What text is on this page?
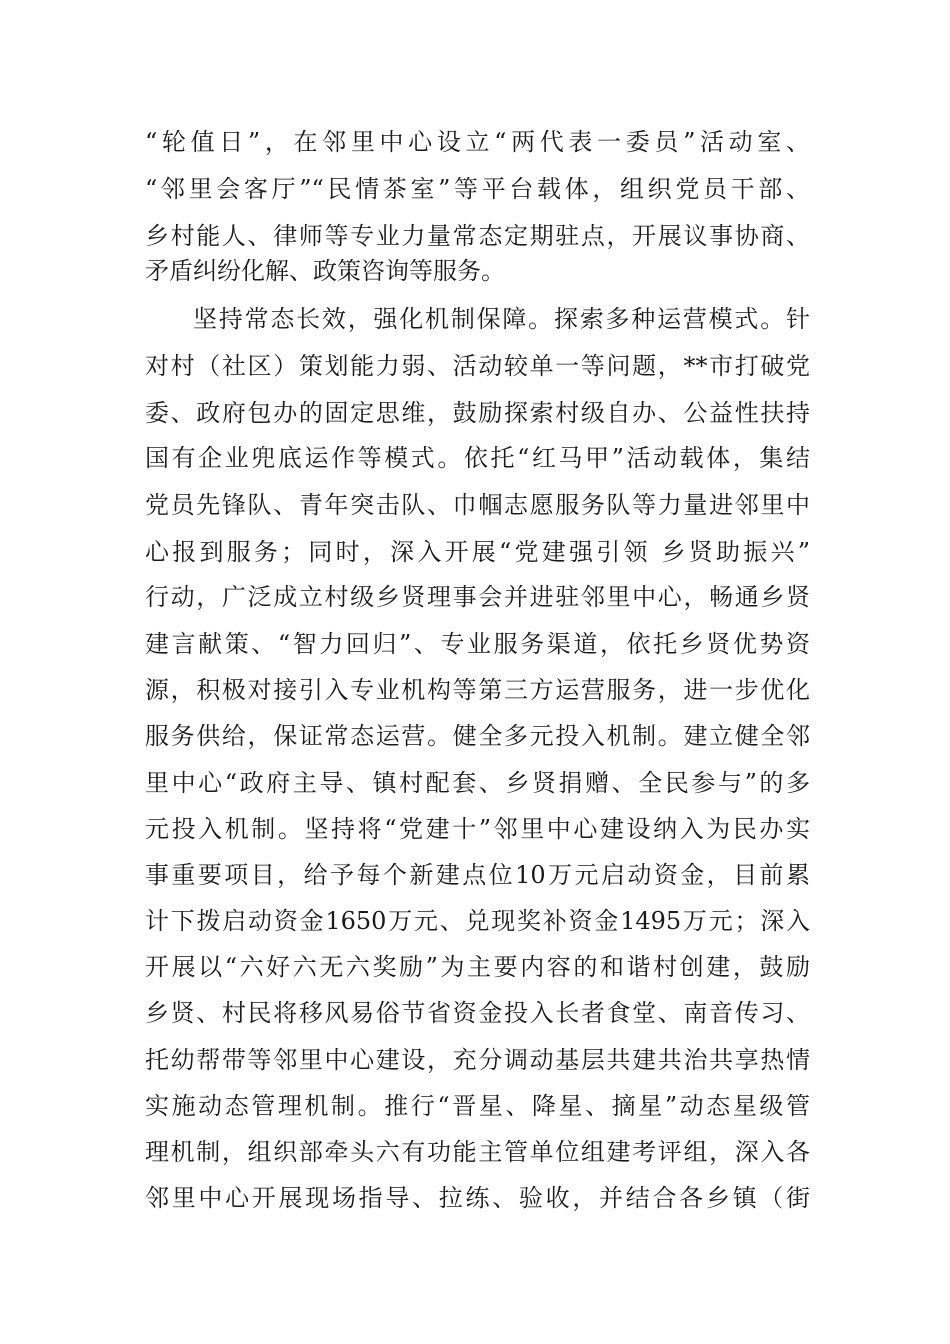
“轮值日”，在邻里中心设立“两代表一委员”活动室、
“邻里会客厅”“民情茶室”等平台载体，组织党员干部、
乡村能人、律师等专业力量常态定期驻点，开展议事协商、
矛盾纠纷化解、政策咨询等服务。
坚持常态长效，强化机制保障。探索多种运营模式。针
对村（社区）策划能力弱、活动较单一等问题，**市打破党
委、政府包办的固定思维，鼓励探索村级自办、公益性扶持
国有企业兜底运作等模式。依托“红马甲”活动载体，集结
党员先锋队、青年突击队、巾帼志愿服务队等力量进邻里中
心报到服务；同时，深入开展“党建强引领 乡贤助振兴”
行动，广泛成立村级乡贤理事会并进驻邻里中心，畅通乡贤
建言献策、“智力回归”、专业服务渠道，依托乡贤优势资
源，积极对接引入专业机构等第三方运营服务，进一步优化
服务供给，保证常态运营。健全多元投入机制。建立健全邻
里中心“政府主导、镇村配套、乡贤捐赠、全民参与”的多
元投入机制。坚持将“党建十”邻里中心建设纳入为民办实
事重要项目，给予每个新建点位10万元启动资金，目前累
计下拨启动资金1650万元、兑现奖补资金1495万元；深入
开展以“六好六无六奖励”为主要内容的和谐村创建，鼓励
乡贤、村民将移风易俗节省资金投入长者食堂、南音传习、
托幼帮带等邻里中心建设，充分调动基层共建共治共享热情
实施动态管理机制。推行“晋星、降星、摘星”动态星级管
理机制，组织部牵头六有功能主管单位组建考评组，深入各
邻里中心开展现场指导、拉练、验收，并结合各乡镇（街
